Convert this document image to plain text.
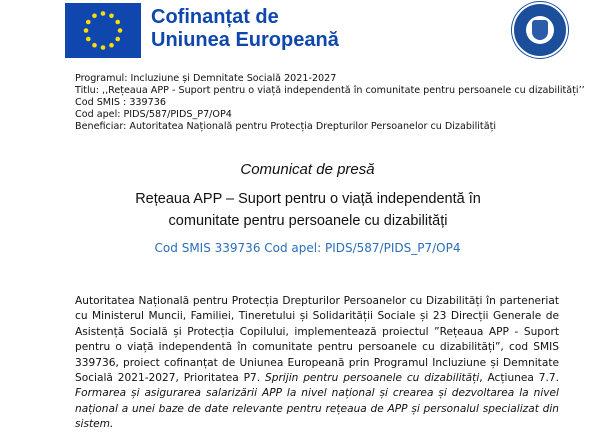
Cofinanțat de
Uniunea Europeană
Programul: Incluziune și Demnitate Socială 2021-2027
Titlu: ,,Rețeaua APP - Suport pentru o viață independentă în comunitate pentru persoanele cu dizabilități’’
Cod SMIS : 339736
Cod apel: PIDS/587/PIDS_P7/OP4
Beneficiar: Autoritatea Națională pentru Protecția Drepturilor Persoanelor cu Dizabilități
Comunicat de presă
Rețeaua APP – Suport pentru o viață independentă în comunitate pentru persoanele cu dizabilități
Cod SMIS 339736 Cod apel: PIDS/587/PIDS_P7/OP4
Autoritatea Națională pentru Protecția Drepturilor Persoanelor cu Dizabilități în parteneriat cu Ministerul Muncii, Familiei, Tineretului și Solidarității Sociale și 23 Direcții Generale de Asistență Socială și Protecția Copilului, implementează proiectul ”Rețeaua APP - Suport pentru o viață independentă în comunitate pentru persoanele cu dizabilități”, cod SMIS 339736, proiect cofinanțat de Uniunea Europeană prin Programul Incluziune și Demnitate Socială 2021-2027, Prioritatea P7. Sprijin pentru persoanele cu dizabilități, Acțiunea 7.7. Formarea și asigurarea salarizării APP la nivel național și crearea și dezvoltarea la nivel național a unei baze de date relevante pentru rețeaua de APP și personalul specializat din sistem.
